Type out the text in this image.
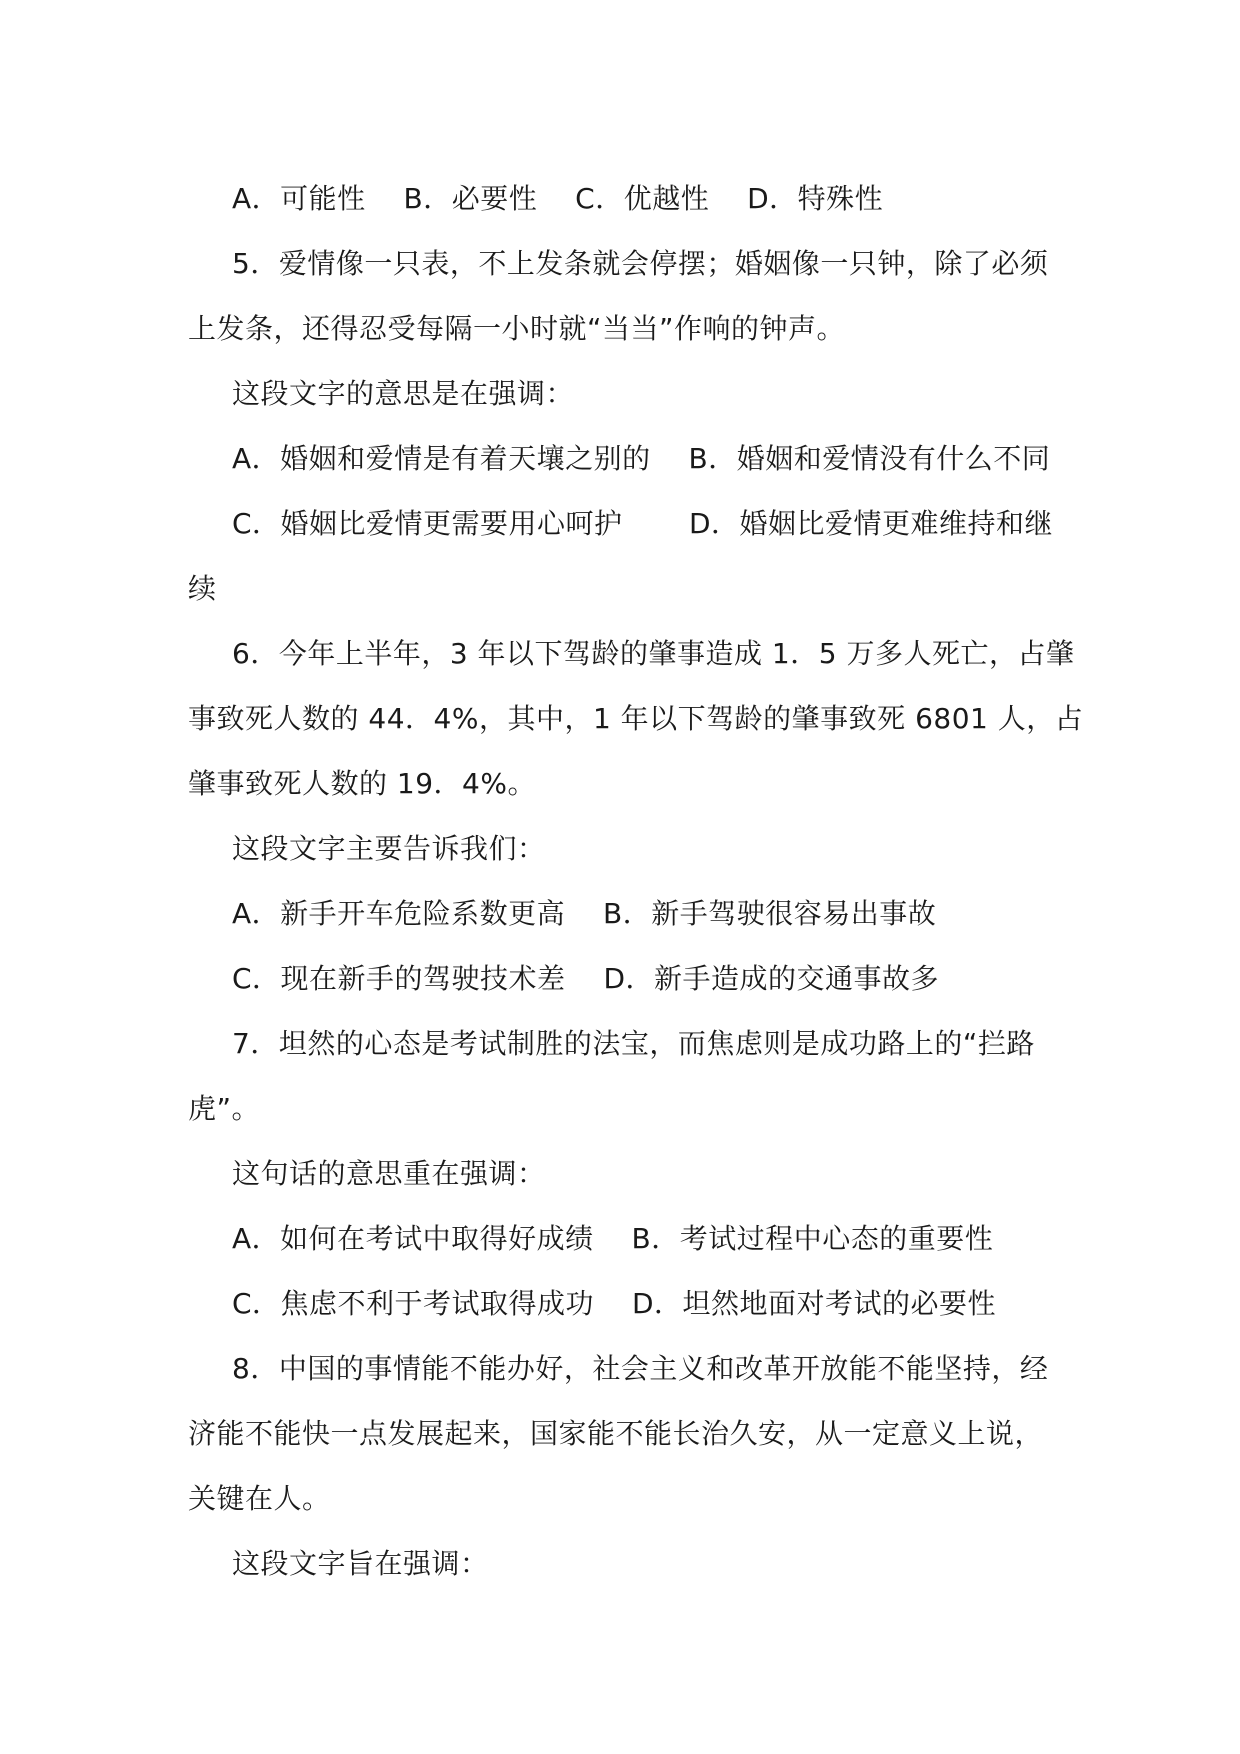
A．可能性　 B．必要性　 C．优越性　 D．特殊性
5．爱情像一只表，不上发条就会停摆；婚姻像一只钟，除了必须
上发条，还得忍受每隔一小时就“当当”作响的钟声。
这段文字的意思是在强调：
A．婚姻和爱情是有着天壤之别的　 B．婚姻和爱情没有什么不同
C．婚姻比爱情更需要用心呵护　　 D．婚姻比爱情更难维持和继
续
6．今年上半年，3 年以下驾龄的肇事造成 1．5 万多人死亡，占肇
事致死人数的 44．4%，其中，1 年以下驾龄的肇事致死 6801 人，占
肇事致死人数的 19．4%。
这段文字主要告诉我们：
A．新手开车危险系数更高　 B．新手驾驶很容易出事故
C．现在新手的驾驶技术差　 D．新手造成的交通事故多
7．坦然的心态是考试制胜的法宝，而焦虑则是成功路上的“拦路
虎”。
这句话的意思重在强调：
A．如何在考试中取得好成绩　 B．考试过程中心态的重要性
C．焦虑不利于考试取得成功　 D．坦然地面对考试的必要性
8．中国的事情能不能办好，社会主义和改革开放能不能坚持，经
济能不能快一点发展起来，国家能不能长治久安，从一定意义上说，
关键在人。
这段文字旨在强调：
